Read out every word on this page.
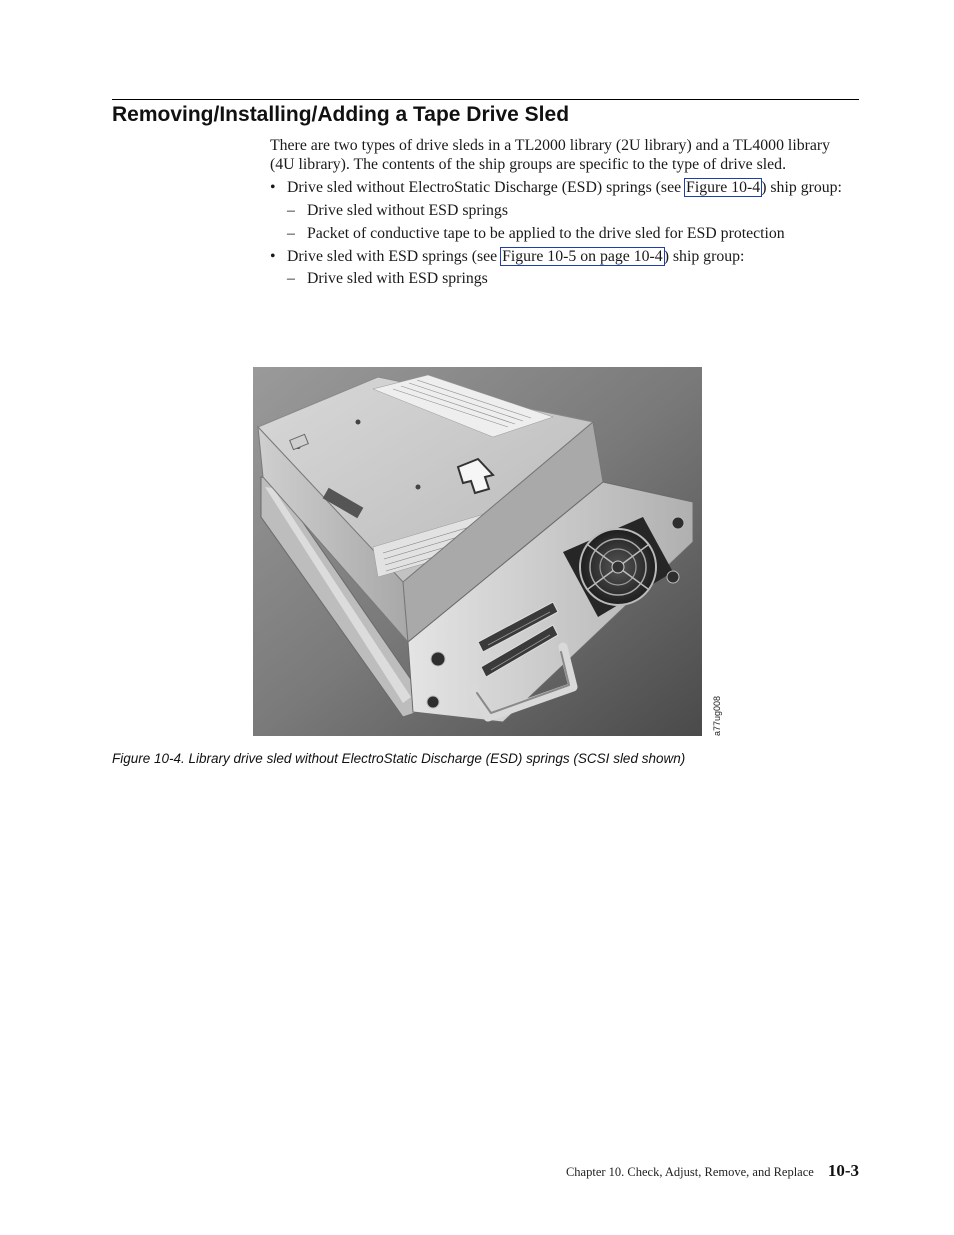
Removing/Installing/Adding a Tape Drive Sled

There are two types of drive sleds in a TL2000 library (2U library) and a TL4000 library (4U library). The contents of the ship groups are specific to the type of drive sled.

• Drive sled without ElectroStatic Discharge (ESD) springs (see Figure 10-4) ship group:
– Drive sled without ESD springs
– Packet of conductive tape to be applied to the drive sled for ESD protection
• Drive sled with ESD springs (see Figure 10-5 on page 10-4) ship group:
– Drive sled with ESD springs
a77ug008

Figure 10-4. Library drive sled without ElectroStatic Discharge (ESD) springs (SCSI sled shown)

Chapter 10. Check, Adjust, Remove, and Replace 10-3
